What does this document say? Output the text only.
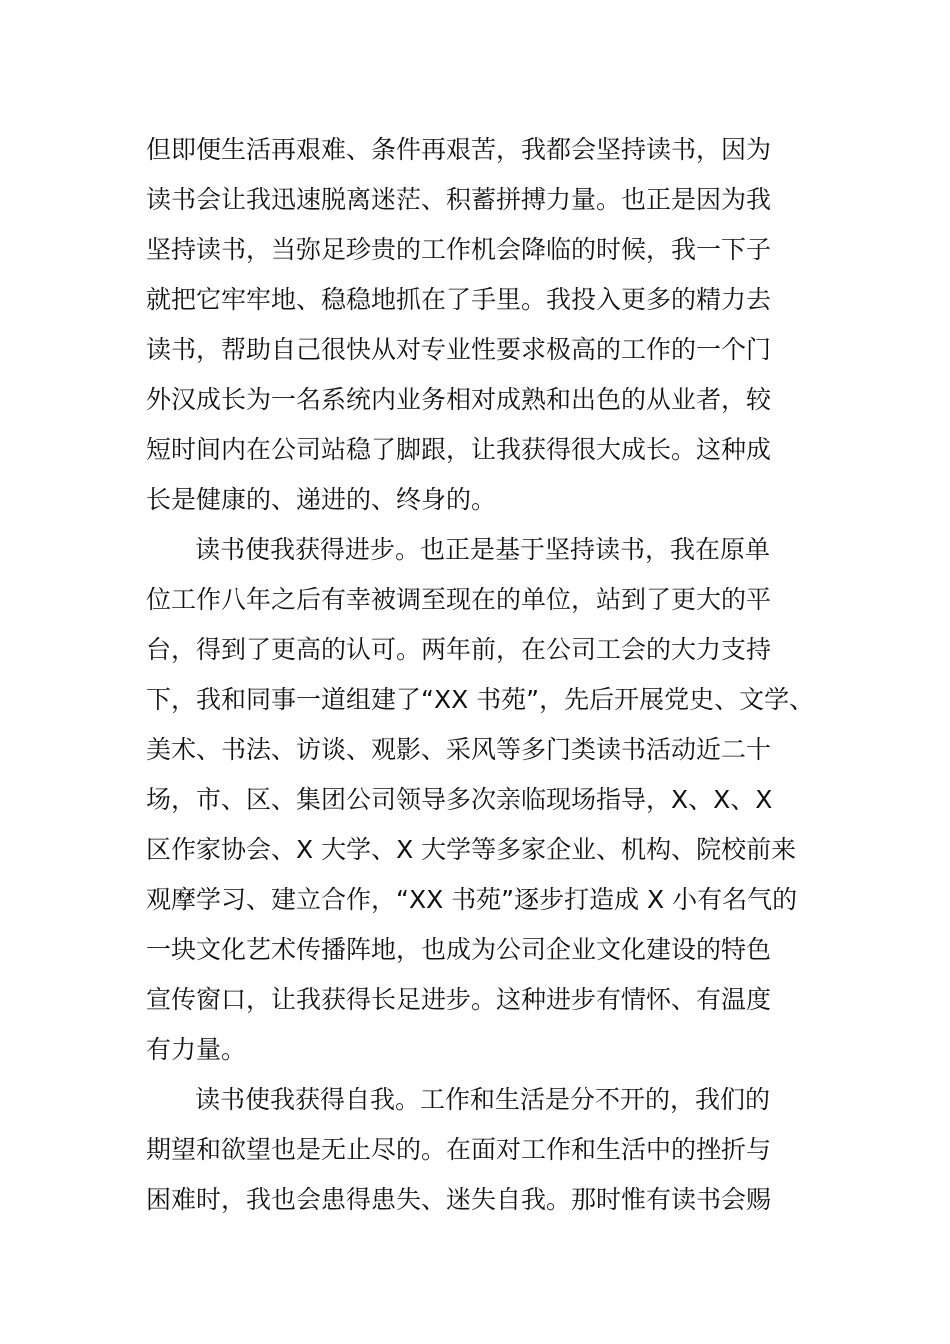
但即便生活再艰难、条件再艰苦，我都会坚持读书，因为
读书会让我迅速脱离迷茫、积蓄拼搏力量。也正是因为我
坚持读书，当弥足珍贵的工作机会降临的时候，我一下子
就把它牢牢地、稳稳地抓在了手里。我投入更多的精力去
读书，帮助自己很快从对专业性要求极高的工作的一个门
外汉成长为一名系统内业务相对成熟和出色的从业者，较
短时间内在公司站稳了脚跟，让我获得很大成长。这种成
长是健康的、递进的、终身的。
读书使我获得进步。也正是基于坚持读书，我在原单
位工作八年之后有幸被调至现在的单位，站到了更大的平
台，得到了更高的认可。两年前，在公司工会的大力支持
下，我和同事一道组建了“XX 书苑”，先后开展党史、文学、
美术、书法、访谈、观影、采风等多门类读书活动近二十
场，市、区、集团公司领导多次亲临现场指导，X、X、X
区作家协会、X 大学、X 大学等多家企业、机构、院校前来
观摩学习、建立合作，“XX 书苑”逐步打造成 X 小有名气的
一块文化艺术传播阵地，也成为公司企业文化建设的特色
宣传窗口，让我获得长足进步。这种进步有情怀、有温度
有力量。
读书使我获得自我。工作和生活是分不开的，我们的
期望和欲望也是无止尽的。在面对工作和生活中的挫折与
困难时，我也会患得患失、迷失自我。那时惟有读书会赐
